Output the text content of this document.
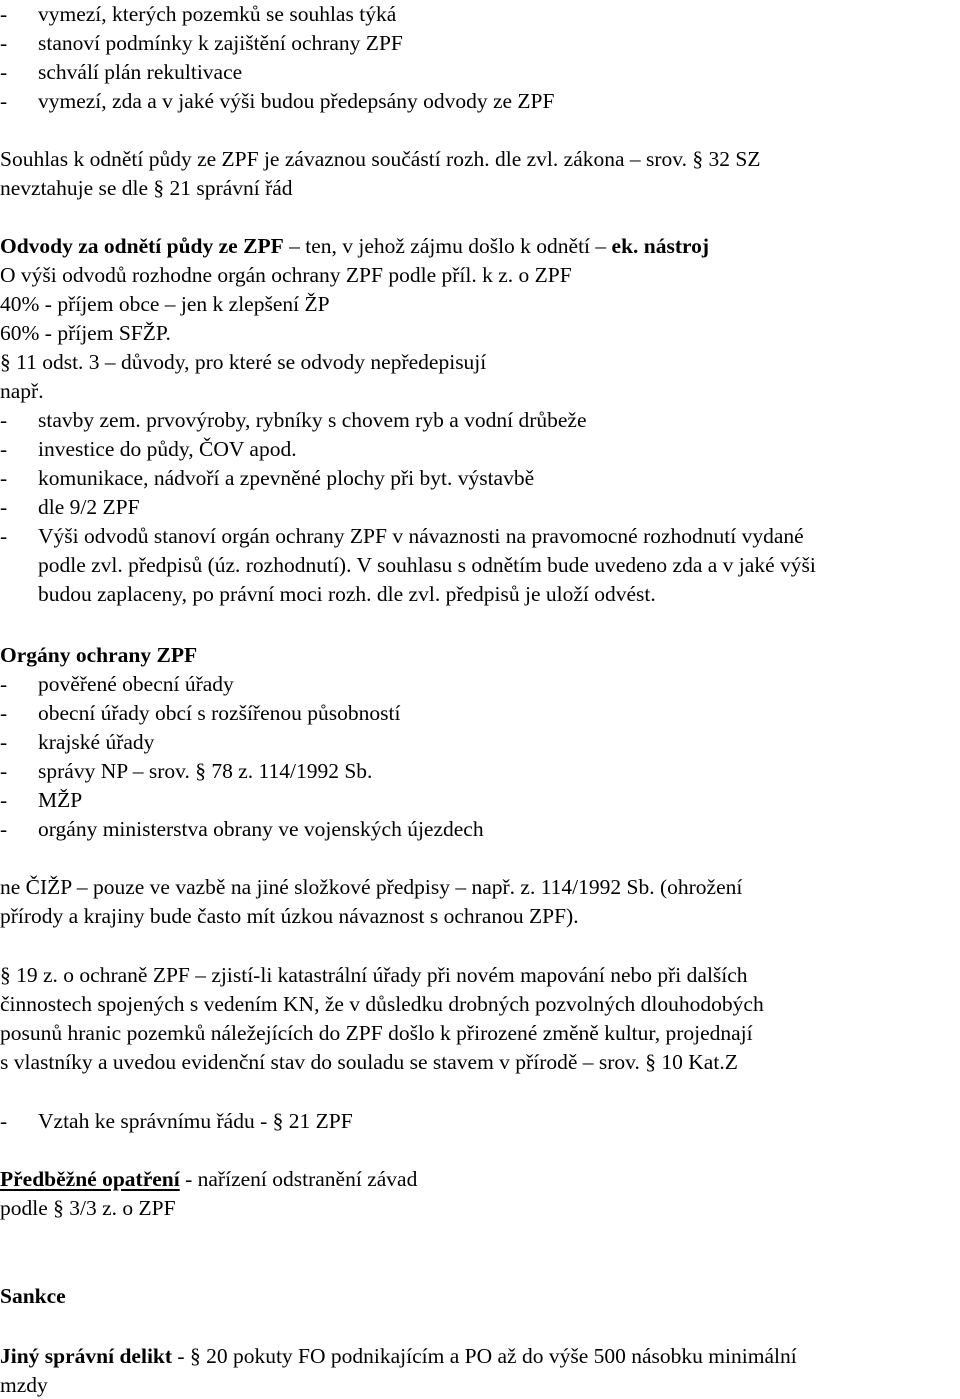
- vymezí, kterých pozemků se souhlas týká
- stanoví podmínky k zajištění ochrany ZPF
- schválí plán rekultivace
- vymezí, zda a v jaké výši budou předepsány odvody ze ZPF
Souhlas k odnětí půdy ze ZPF je závaznou součástí rozh. dle zvl. zákona – srov. § 32 SZ
nevztahuje se dle § 21 správní řád
Odvody za odnětí půdy ze ZPF – ten, v jehož zájmu došlo k odnětí – ek. nástroj
O výši odvodů rozhodne orgán ochrany ZPF podle příl. k z. o ZPF
40% - příjem obce – jen k zlepšení ŽP
60% - příjem SFŽP.
§ 11 odst. 3 – důvody, pro které se odvody nepředepisují
např.
- stavby zem. prvovýroby, rybníky s chovem ryb a vodní drůbeže
- investice do půdy, ČOV apod.
- komunikace, nádvoří a zpevněné plochy při byt. výstavbě
- dle 9/2 ZPF
- Výši odvodů stanoví orgán ochrany ZPF v návaznosti na pravomocné rozhodnutí vydané
podle zvl. předpisů (úz. rozhodnutí). V souhlasu s odnětím bude uvedeno zda a v jaké výši
budou zaplaceny, po právní moci rozh. dle zvl. předpisů je uloží odvést.
Orgány ochrany ZPF
- pověřené obecní úřady
- obecní úřady obcí s rozšířenou působností
- krajské úřady
- správy NP – srov. § 78 z. 114/1992 Sb.
- MŽP
- orgány ministerstva obrany ve vojenských újezdech
ne ČIŽP – pouze ve vazbě na jiné složkové předpisy – např. z. 114/1992 Sb. (ohrožení
přírody a krajiny bude často mít úzkou návaznost s ochranou ZPF).
§ 19 z. o ochraně ZPF – zjistí-li katastrální úřady při novém mapování nebo při dalších
činnostech spojených s vedením KN, že v důsledku drobných pozvolných dlouhodobých
posunů hranic pozemků náležejících do ZPF došlo k přirozené změně kultur, projednají
s vlastníky a uvedou evidenční stav do souladu se stavem v přírodě – srov. § 10 Kat.Z
- Vztah ke správnímu řádu - § 21 ZPF
Předběžné opatření - nařízení odstranění závad
podle § 3/3 z. o ZPF
Sankce
Jiný správní delikt - § 20 pokuty FO podnikajícím a PO až do výše 500 násobku minimální
mzdy
